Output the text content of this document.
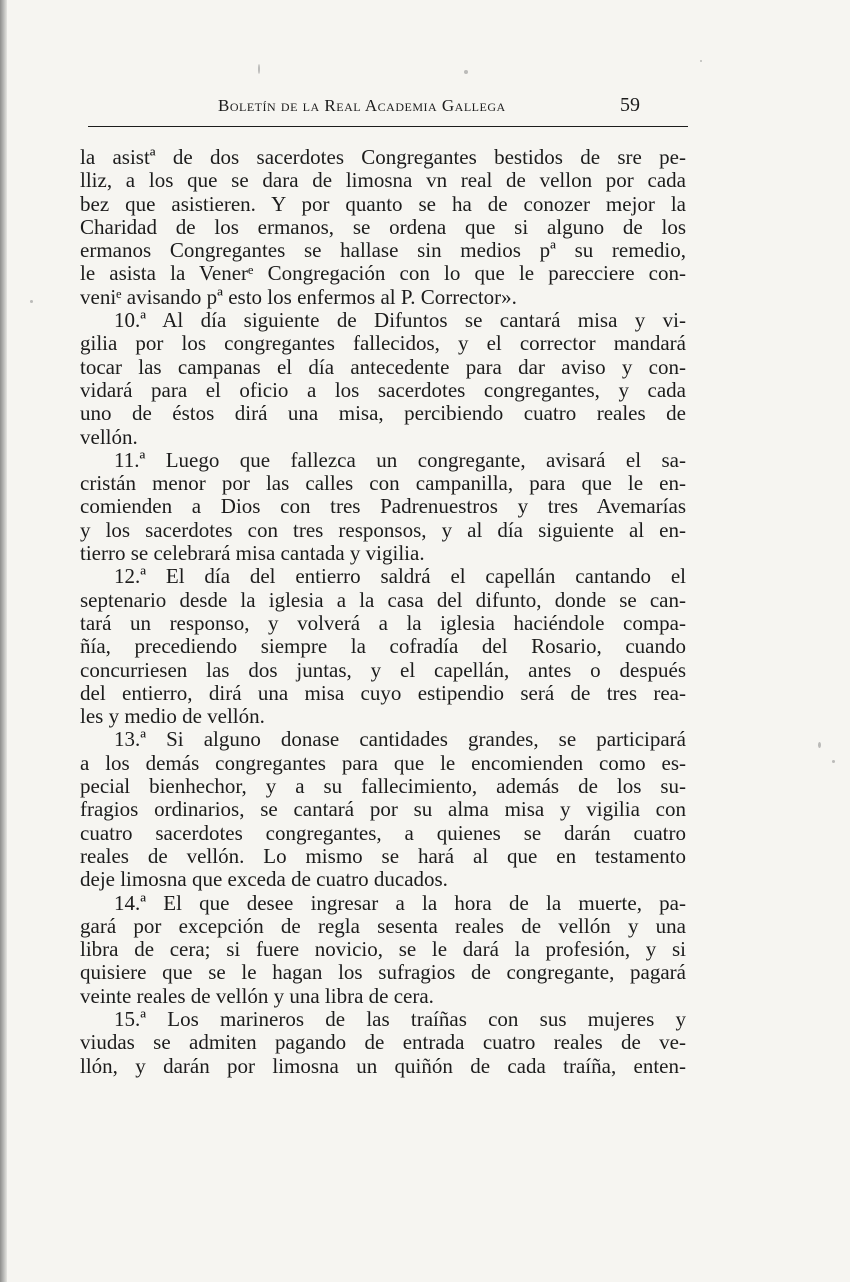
Boletín de la Real Academia Gallega	59
la asistª de dos sacerdotes Congregantes bestidos de sre pe-
lliz, a los que se dara de limosna vn real de vellon por cada
bez que asistieren. Y por quanto se ha de conozer mejor la
Charidad de los ermanos, se ordena que si alguno de los
ermanos Congregantes se hallase sin medios pª su remedio,
le asista la Venerᵉ Congregación con lo que le parecciere con-
veniᵉ avisando pª esto los enfermos al P. Corrector».
10.ª Al día siguiente de Difuntos se cantará misa y vi-
gilia por los congregantes fallecidos, y el corrector mandará
tocar las campanas el día antecedente para dar aviso y con-
vidará para el oficio a los sacerdotes congregantes, y cada
uno de éstos dirá una misa, percibiendo cuatro reales de
vellón.
11.ª Luego que fallezca un congregante, avisará el sa-
cristán menor por las calles con campanilla, para que le en-
comienden a Dios con tres Padrenuestros y tres Avemarías
y los sacerdotes con tres responsos, y al día siguiente al en-
tierro se celebrará misa cantada y vigilia.
12.ª El día del entierro saldrá el capellán cantando el
septenario desde la iglesia a la casa del difunto, donde se can-
tará un responso, y volverá a la iglesia haciéndole compa-
ñía, precediendo siempre la cofradía del Rosario, cuando
concurriesen las dos juntas, y el capellán, antes o después
del entierro, dirá una misa cuyo estipendio será de tres rea-
les y medio de vellón.
13.ª Si alguno donase cantidades grandes, se participará
a los demás congregantes para que le encomienden como es-
pecial bienhechor, y a su fallecimiento, además de los su-
fragios ordinarios, se cantará por su alma misa y vigilia con
cuatro sacerdotes congregantes, a quienes se darán cuatro
reales de vellón. Lo mismo se hará al que en testamento
deje limosna que exceda de cuatro ducados.
14.ª El que desee ingresar a la hora de la muerte, pa-
gará por excepción de regla sesenta reales de vellón y una
libra de cera; si fuere novicio, se le dará la profesión, y si
quisiere que se le hagan los sufragios de congregante, pagará
veinte reales de vellón y una libra de cera.
15.ª Los marineros de las traíñas con sus mujeres y
viudas se admiten pagando de entrada cuatro reales de ve-
llón, y darán por limosna un quiñón de cada traíña, enten-
